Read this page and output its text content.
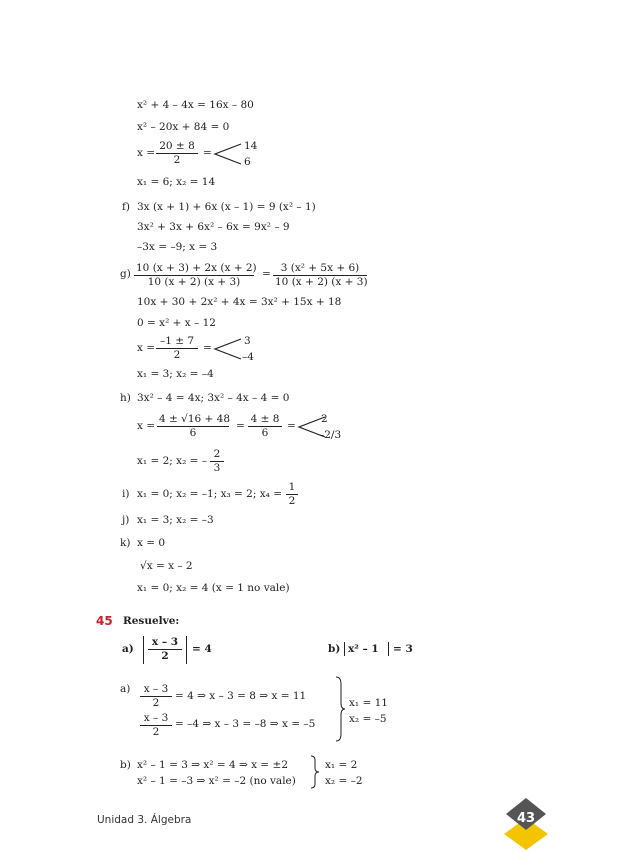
x² + 4 – 4x = 16x – 80
x² – 20x + 84 = 0
$x = \frac{20 \pm 8}{2}$ =
14
6
x₁ = 6; x₂ = 14
f) 3x (x + 1) + 6x (x – 1) = 9 (x² – 1)
3x² + 3x + 6x² – 6x = 9x² – 9
–3x = –9; x = 3
$g) \frac{10 (x + 3) + 2x (x + 2)}{10 (x + 2) (x + 3)} = \frac{\text{3 (x² + 5x + 6)}}{10 (x + 2) (x + 3)}$
10x + 30 + 2x² + 4x = 3x² + 15x + 18
0 = x² + x – 12
$x = \frac{-1 \pm 7}{2}$ =
3
–4
x₁ = 3; x₂ = –4
h) 3x² – 4 = 4x; 3x² – 4x – 4 = 0
$x = \frac{4 \pm √16 + 48}{6} = \frac{4 \pm 8}{6}$ =
2
–2/3
x₁ = 2; x₂ = – $\frac{2}{3}$
i) x₁ = 0; x₂ = –1; x₃ = 2; $x_4 = \frac{1}{2}$
j) x₁ = 3; x₂ = –3
k) x = 0
√x = x – 2
x₁ = 0; x₂ = 4 (x = 1 no vale)
45 Resuelve:
$a) \frac{x - 3}{2} = 4$	b) x² – 1 = 3
$a) \frac{x - 3}{2} = 4$ ⇒ x – 3 = 8 ⇒ x = 11
$\frac{x - 3}{2} = -4$ ⇒ x – 3 = –8 ⇒ x = –5
x₁ = 11
x₂ = –5
b) x² – 1 = 3 ⇒ x² = 4 ⇒ x = ±2
x² – 1 = –3 ⇒ x² = –2 (no vale)
x₁ = 2
x₂ = –2
Unidad 3. Álgebra	43
